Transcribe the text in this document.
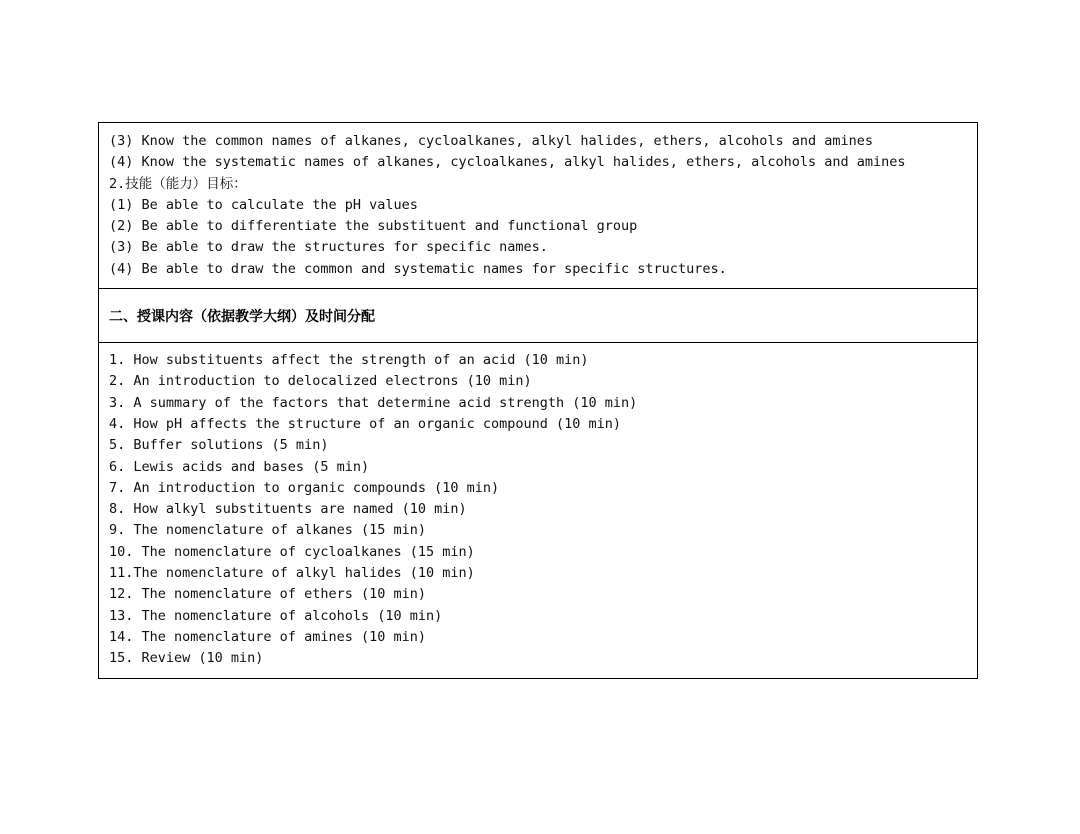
(3) Know the common names of alkanes, cycloalkanes, alkyl halides, ethers, alcohols and amines
(4) Know the systematic names of alkanes, cycloalkanes, alkyl halides, ethers, alcohols and amines
2.技能（能力）目标：
(1) Be able to calculate the pH values
(2) Be able to differentiate the substituent and functional group
(3) Be able to draw the structures for specific names.
(4) Be able to draw the common and systematic names for specific structures.
二、授课内容（依据教学大纲）及时间分配
1. How substituents affect the strength of an acid (10 min)
2. An introduction to delocalized electrons (10 min)
3. A summary of the factors that determine acid strength (10 min)
4. How pH affects the structure of an organic compound (10 min)
5. Buffer solutions (5 min)
6. Lewis acids and bases (5 min)
7. An introduction to organic compounds (10 min)
8. How alkyl substituents are named (10 min)
9. The nomenclature of alkanes (15 min)
10. The nomenclature of cycloalkanes (15 min)
11.The nomenclature of alkyl halides (10 min)
12. The nomenclature of ethers (10 min)
13. The nomenclature of alcohols (10 min)
14. The nomenclature of amines (10 min)
15. Review (10 min)
